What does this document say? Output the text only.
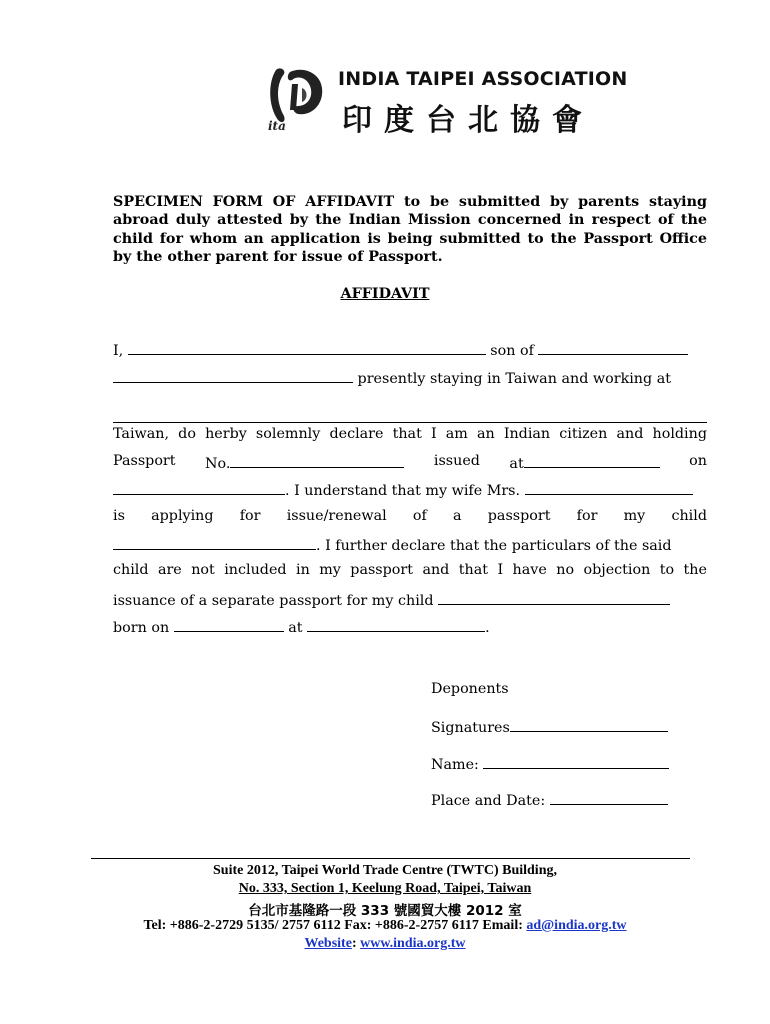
ita
INDIA TAIPEI ASSOCIATION
印度台北協會
SPECIMEN FORM OF AFFIDAVIT to be submitted by parents staying abroad duly attested by the Indian Mission concerned in respect of the child for whom an application is being submitted to the Passport Office by the other parent for issue of Passport.
AFFIDAVIT
I,	son of
presently staying in Taiwan and working at
Taiwan, do herby solemnly declare that I am an Indian citizen and holding
Passport No.	issued at	on
. I understand that my wife Mrs.
is applying for issue/renewal of a passport for my child
. I further declare that the particulars of the said
child are not included in my passport and that I have no objection to the
issuance of a separate passport for my child
born on	at	.
Deponents
Signatures
Name:
Place and Date:
Suite 2012, Taipei World Trade Centre (TWTC) Building,
No. 333, Section 1, Keelung Road, Taipei, Taiwan
台北市基隆路一段 333 號國貿大樓 2012 室
Tel: +886-2-2729 5135/ 2757 6112 Fax: +886-2-2757 6117 Email: ad@india.org.tw
Website: www.india.org.tw
